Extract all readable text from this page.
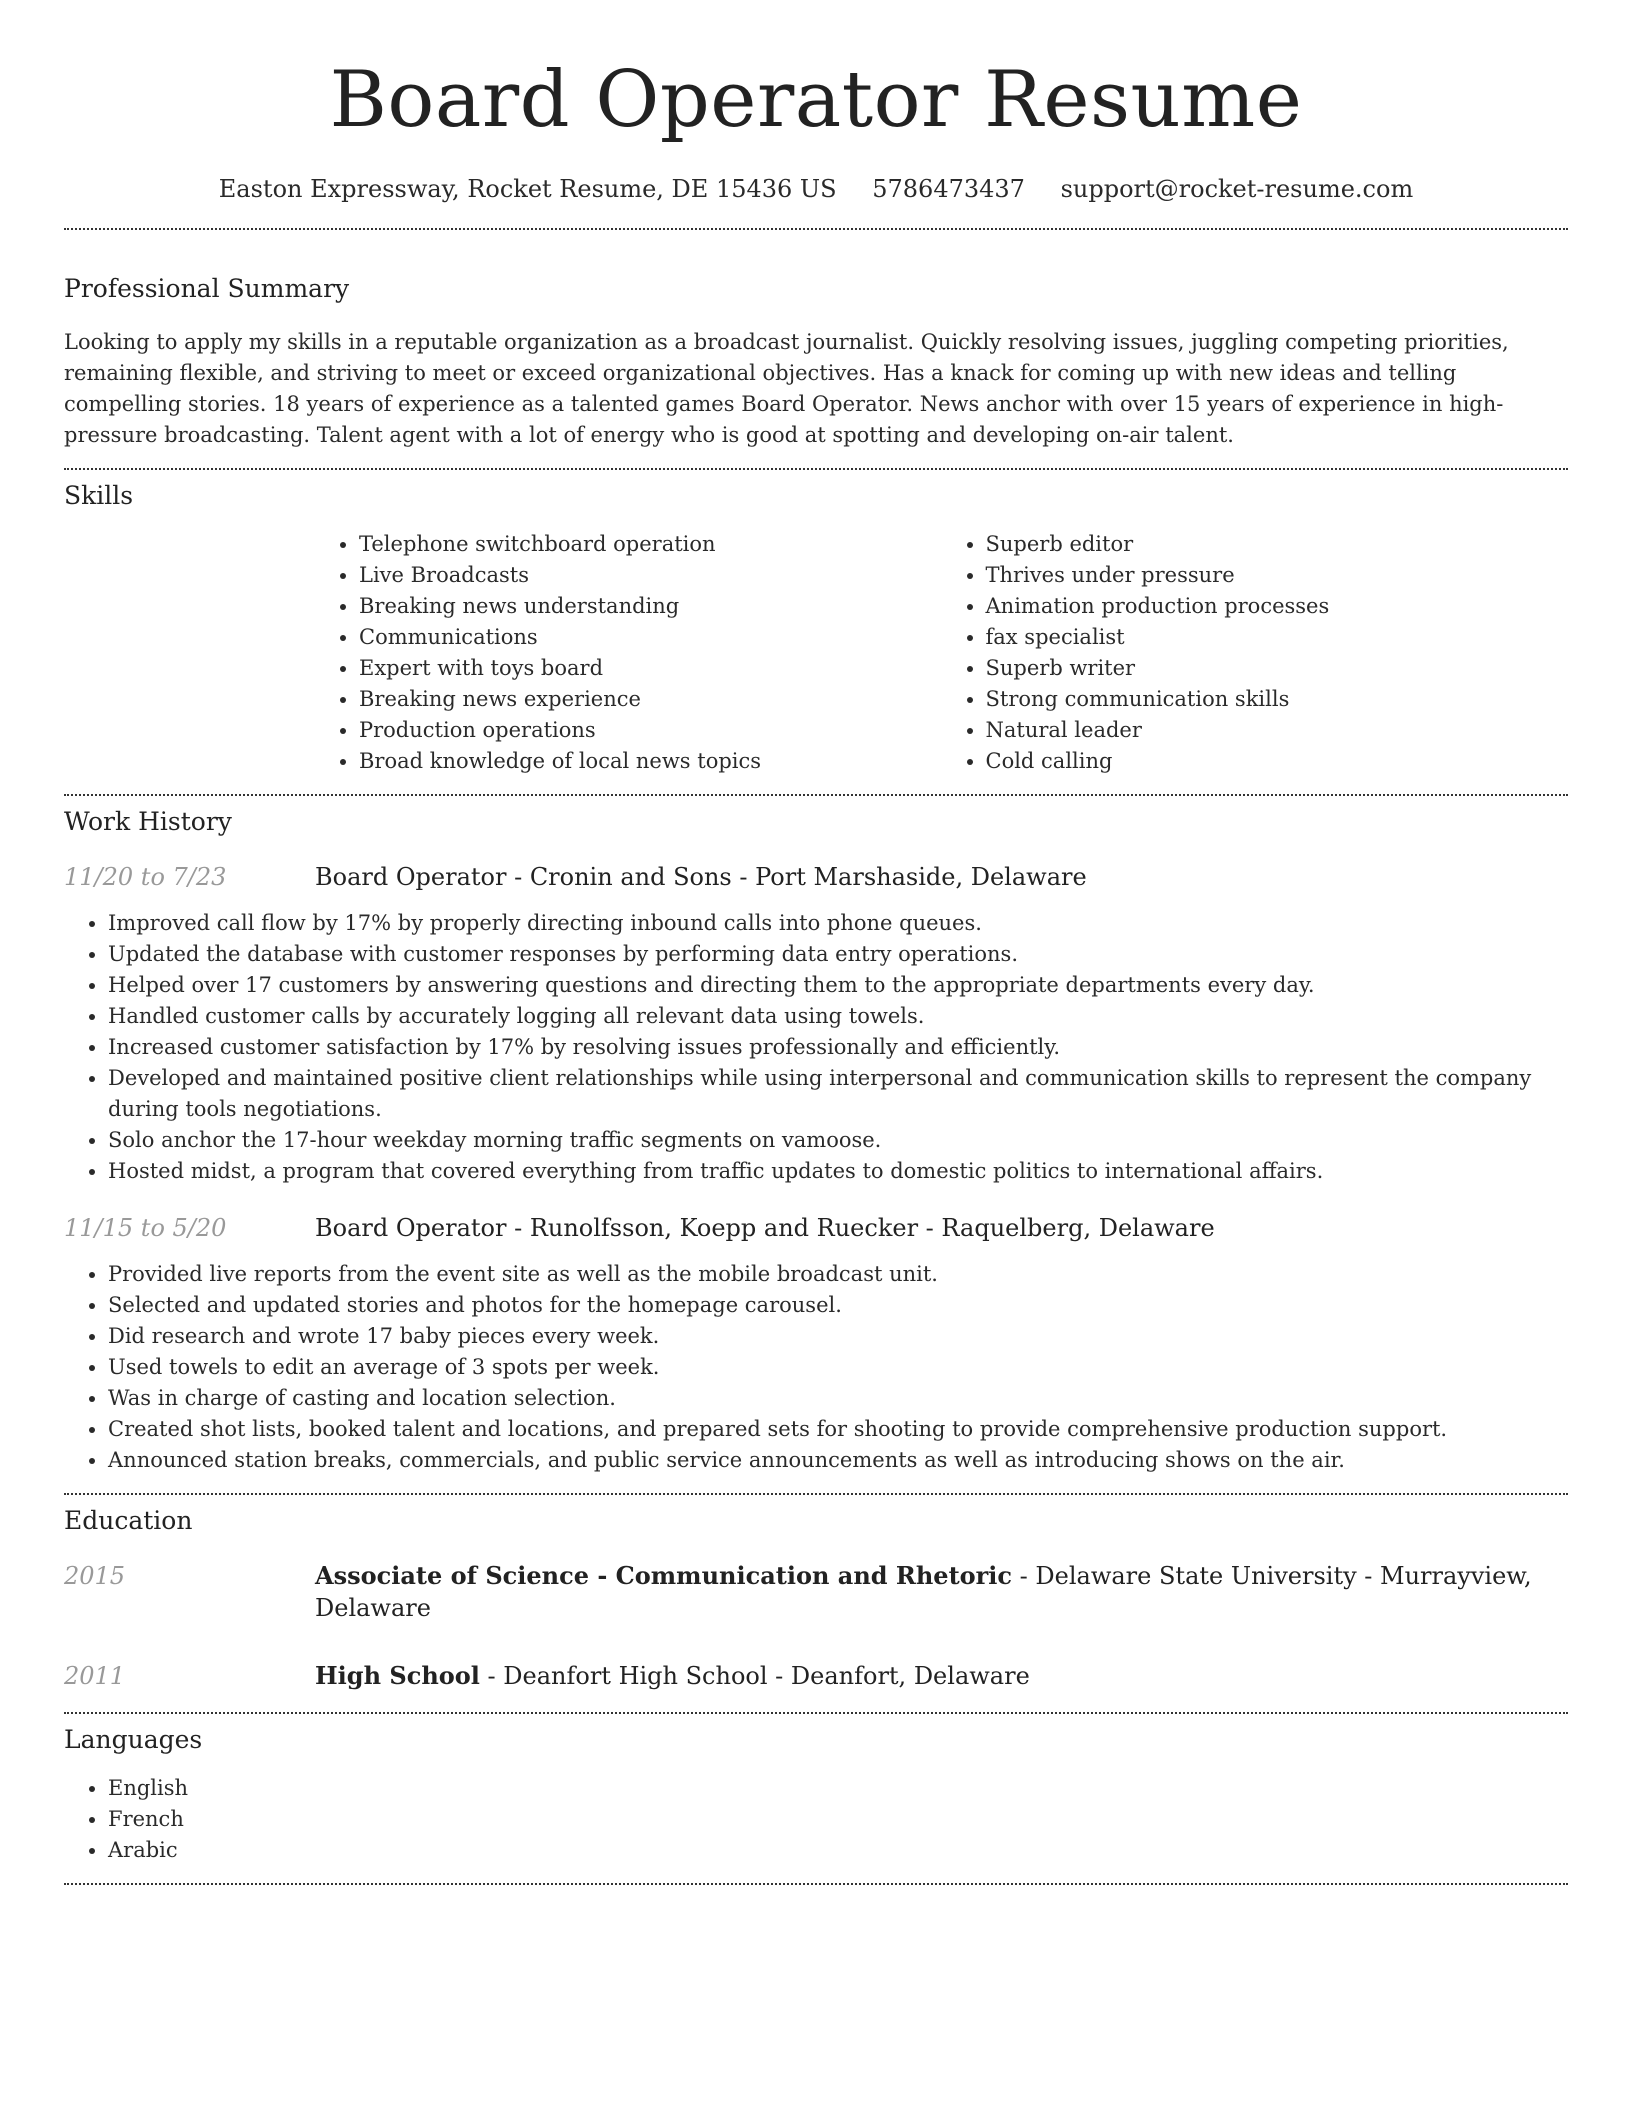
Board Operator Resume
Easton Expressway, Rocket Resume, DE 15436 US 5786473437 support@rocket-resume.com
Professional Summary

Looking to apply my skills in a reputable organization as a broadcast journalist. Quickly resolving issues, juggling competing priorities, remaining flexible, and striving to meet or exceed organizational objectives. Has a knack for coming up with new ideas and telling compelling stories. 18 years of experience as a talented games Board Operator. News anchor with over 15 years of experience in high-pressure broadcasting. Talent agent with a lot of energy who is good at spotting and developing on-air talent.

Skills
• Telephone switchboard operation
• Live Broadcasts
• Breaking news understanding
• Communications
• Expert with toys board
• Breaking news experience
• Production operations
• Broad knowledge of local news topics
• Superb editor
• Thrives under pressure
• Animation production processes
• fax specialist
• Superb writer
• Strong communication skills
• Natural leader
• Cold calling
Work History
11/20 to 7/23	Board Operator - Cronin and Sons - Port Marshaside, Delaware
• Improved call flow by 17% by properly directing inbound calls into phone queues.
• Updated the database with customer responses by performing data entry operations.
• Helped over 17 customers by answering questions and directing them to the appropriate departments every day.
• Handled customer calls by accurately logging all relevant data using towels.
• Increased customer satisfaction by 17% by resolving issues professionally and efficiently.
• Developed and maintained positive client relationships while using interpersonal and communication skills to represent the company during tools negotiations.
• Solo anchor the 17-hour weekday morning traffic segments on vamoose.
• Hosted midst, a program that covered everything from traffic updates to domestic politics to international affairs.
11/15 to 5/20	Board Operator - Runolfsson, Koepp and Ruecker - Raquelberg, Delaware
• Provided live reports from the event site as well as the mobile broadcast unit.
• Selected and updated stories and photos for the homepage carousel.
• Did research and wrote 17 baby pieces every week.
• Used towels to edit an average of 3 spots per week.
• Was in charge of casting and location selection.
• Created shot lists, booked talent and locations, and prepared sets for shooting to provide comprehensive production support.
• Announced station breaks, commercials, and public service announcements as well as introducing shows on the air.
Education
2015	Associate of Science - Communication and Rhetoric - Delaware State University - Murrayview, Delaware
2011	High School - Deanfort High School - Deanfort, Delaware
Languages
• English
• French
• Arabic
